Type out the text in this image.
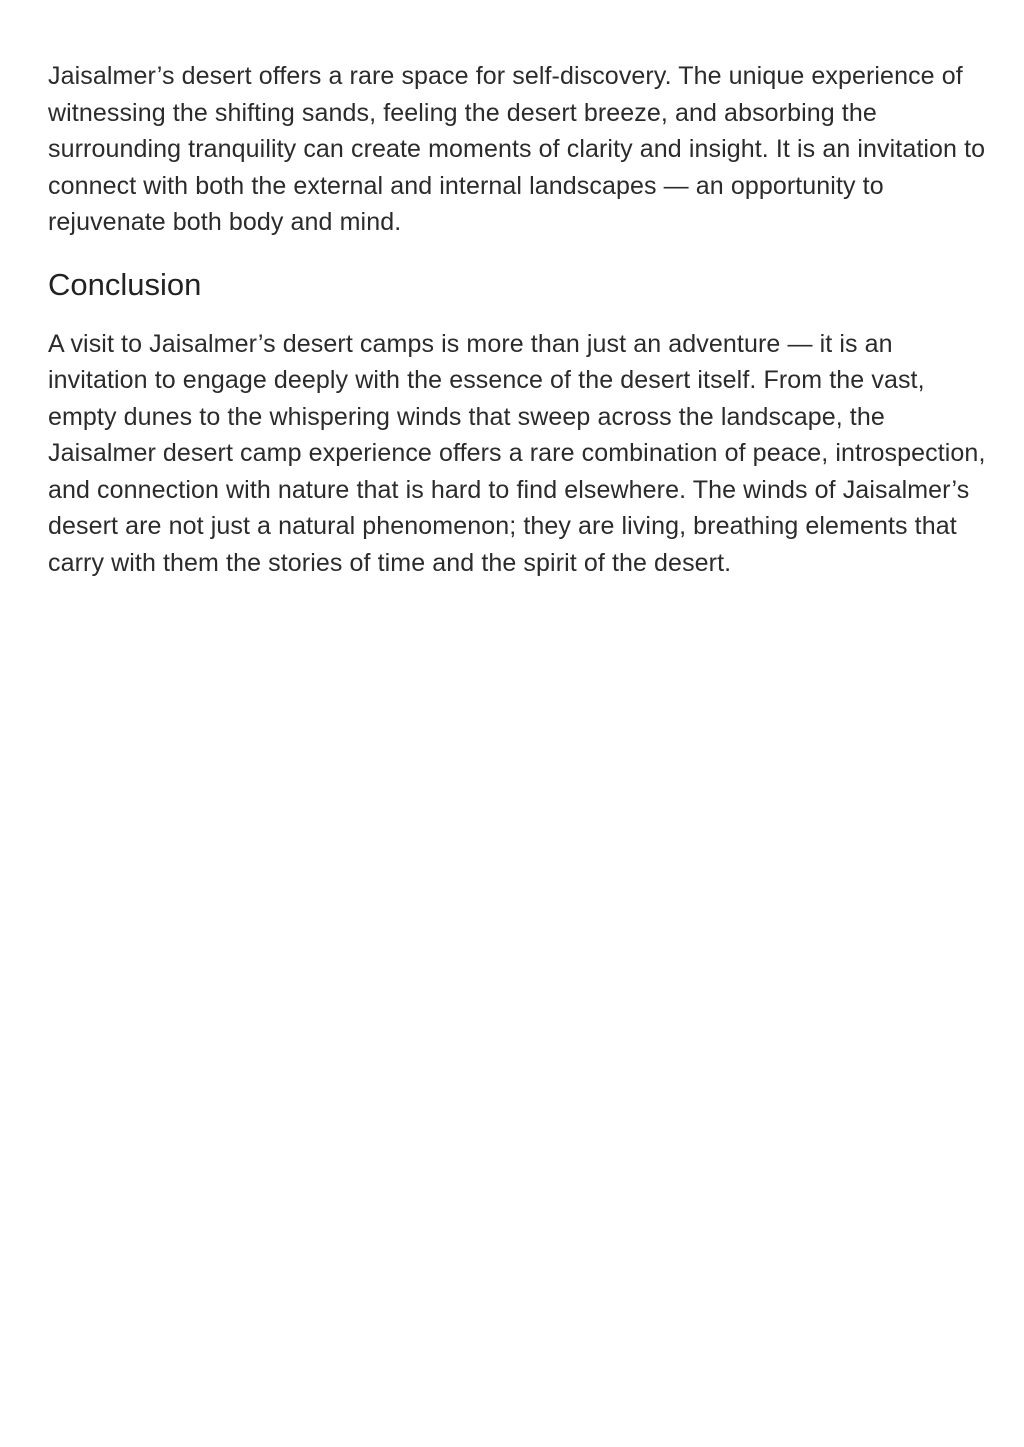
Jaisalmer’s desert offers a rare space for self-discovery. The unique experience of witnessing the shifting sands, feeling the desert breeze, and absorbing the surrounding tranquility can create moments of clarity and insight. It is an invitation to connect with both the external and internal landscapes — an opportunity to rejuvenate both body and mind.

Conclusion

A visit to Jaisalmer’s desert camps is more than just an adventure — it is an invitation to engage deeply with the essence of the desert itself. From the vast, empty dunes to the whispering winds that sweep across the landscape, the Jaisalmer desert camp experience offers a rare combination of peace, introspection, and connection with nature that is hard to find elsewhere. The winds of Jaisalmer’s desert are not just a natural phenomenon; they are living, breathing elements that carry with them the stories of time and the spirit of the desert.
